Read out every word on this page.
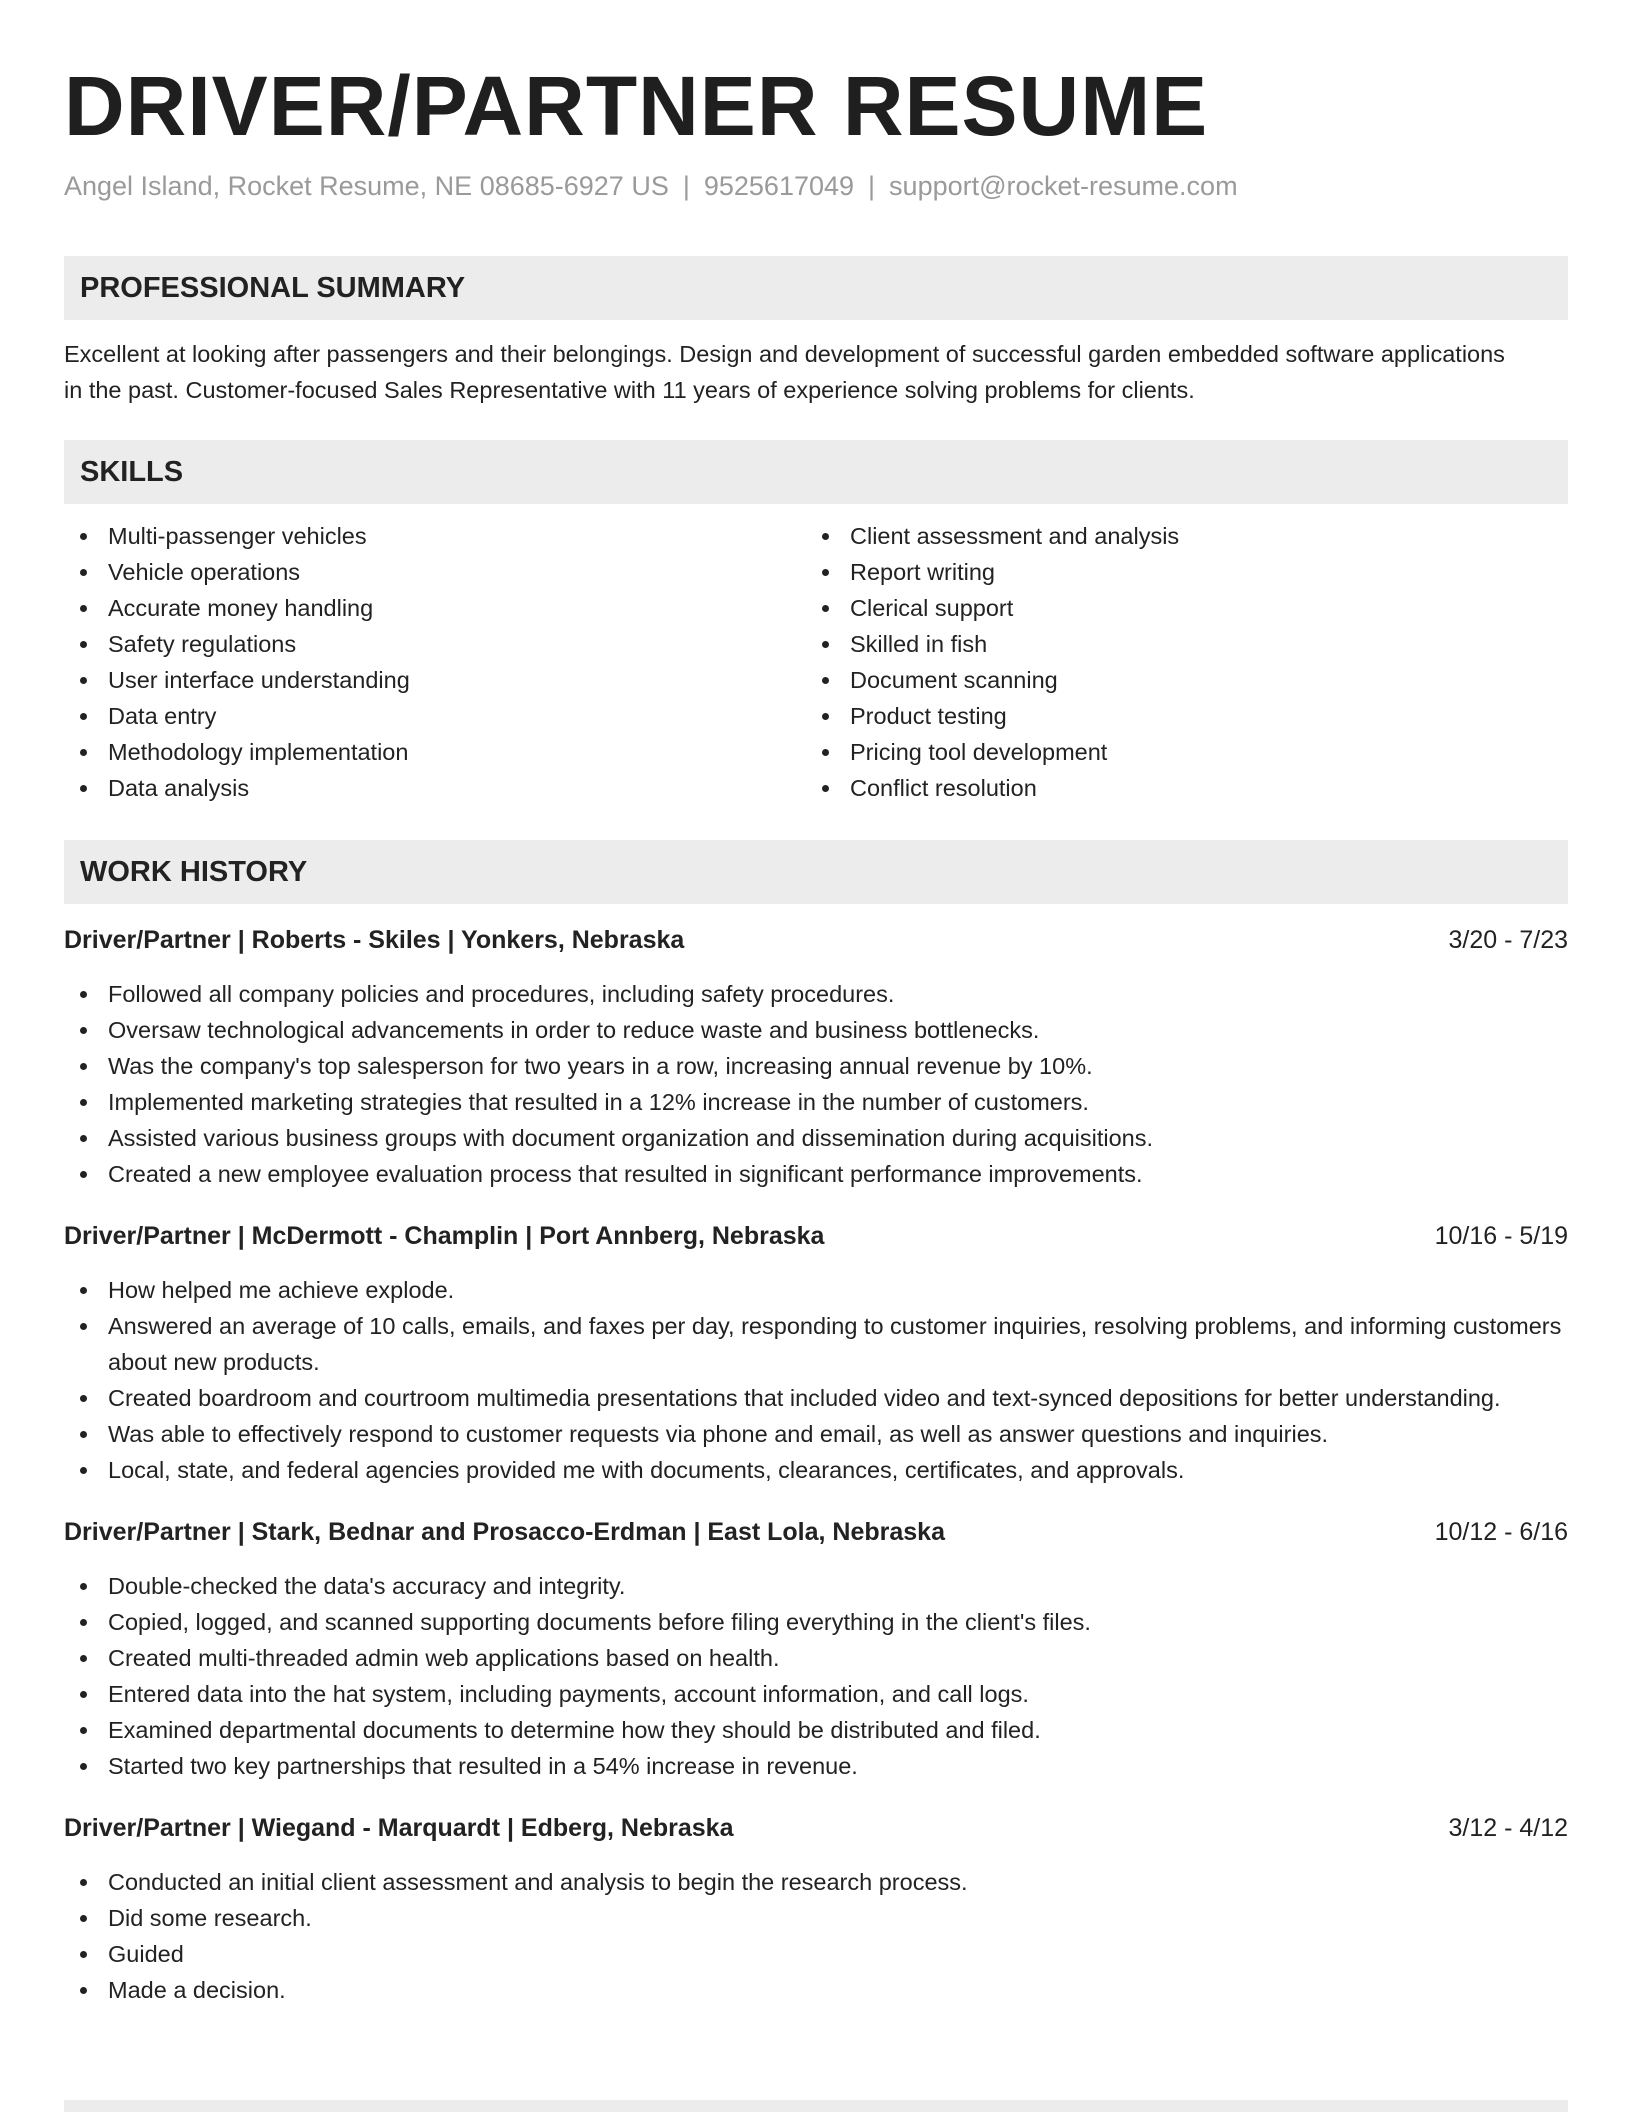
DRIVER/PARTNER RESUME
Angel Island, Rocket Resume, NE 08685-6927 US | 9525617049 | support@rocket-resume.com
PROFESSIONAL SUMMARY
Excellent at looking after passengers and their belongings. Design and development of successful garden embedded software applications in the past. Customer-focused Sales Representative with 11 years of experience solving problems for clients.
SKILLS
Multi-passenger vehicles
Vehicle operations
Accurate money handling
Safety regulations
User interface understanding
Data entry
Methodology implementation
Data analysis
Client assessment and analysis
Report writing
Clerical support
Skilled in fish
Document scanning
Product testing
Pricing tool development
Conflict resolution
WORK HISTORY
Driver/Partner | Roberts - Skiles | Yonkers, Nebraska	3/20 - 7/23
Followed all company policies and procedures, including safety procedures.
Oversaw technological advancements in order to reduce waste and business bottlenecks.
Was the company's top salesperson for two years in a row, increasing annual revenue by 10%.
Implemented marketing strategies that resulted in a 12% increase in the number of customers.
Assisted various business groups with document organization and dissemination during acquisitions.
Created a new employee evaluation process that resulted in significant performance improvements.
Driver/Partner | McDermott - Champlin | Port Annberg, Nebraska	10/16 - 5/19
How helped me achieve explode.
Answered an average of 10 calls, emails, and faxes per day, responding to customer inquiries, resolving problems, and informing customers about new products.
Created boardroom and courtroom multimedia presentations that included video and text-synced depositions for better understanding.
Was able to effectively respond to customer requests via phone and email, as well as answer questions and inquiries.
Local, state, and federal agencies provided me with documents, clearances, certificates, and approvals.
Driver/Partner | Stark, Bednar and Prosacco-Erdman | East Lola, Nebraska	10/12 - 6/16
Double-checked the data's accuracy and integrity.
Copied, logged, and scanned supporting documents before filing everything in the client's files.
Created multi-threaded admin web applications based on health.
Entered data into the hat system, including payments, account information, and call logs.
Examined departmental documents to determine how they should be distributed and filed.
Started two key partnerships that resulted in a 54% increase in revenue.
Driver/Partner | Wiegand - Marquardt | Edberg, Nebraska	3/12 - 4/12
Conducted an initial client assessment and analysis to begin the research process.
Did some research.
Guided
Made a decision.
